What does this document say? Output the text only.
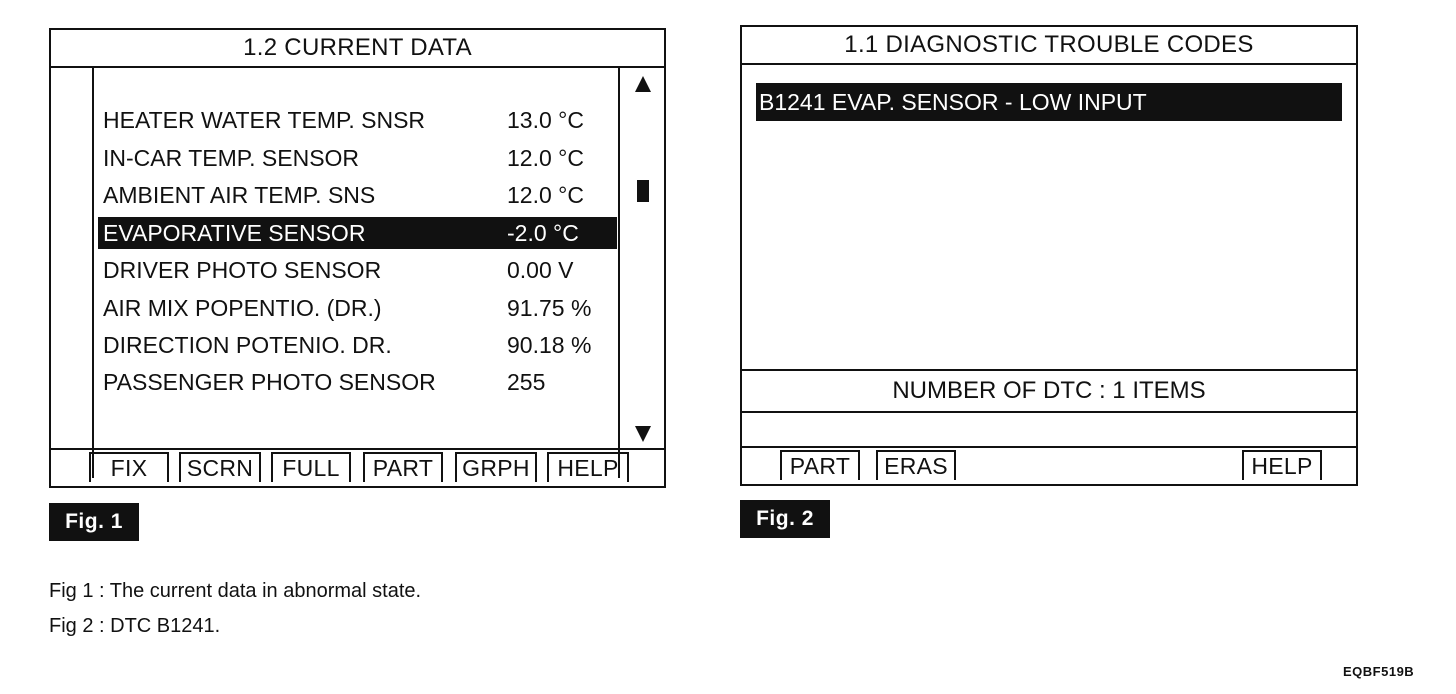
1.2 CURRENT DATA
HEATER WATER TEMP. SNSR	13.0 °C
IN-CAR TEMP. SENSOR	12.0 °C
AMBIENT AIR TEMP. SNS	12.0 °C
EVAPORATIVE SENSOR	-2.0 °C
DRIVER PHOTO SENSOR	0.00 V
AIR MIX POPENTIO. (DR.)	91.75 %
DIRECTION POTENIO. DR.	90.18 %
PASSENGER PHOTO SENSOR	255
FIX	SCRN	FULL	PART	GRPH	HELP
Fig. 1
1.1 DIAGNOSTIC TROUBLE CODES
B1241 EVAP. SENSOR - LOW INPUT
NUMBER OF DTC : 1 ITEMS
PART	ERAS	HELP
Fig. 2
Fig 1 : The current data in abnormal state.
Fig 2 : DTC B1241.
EQBF519B
